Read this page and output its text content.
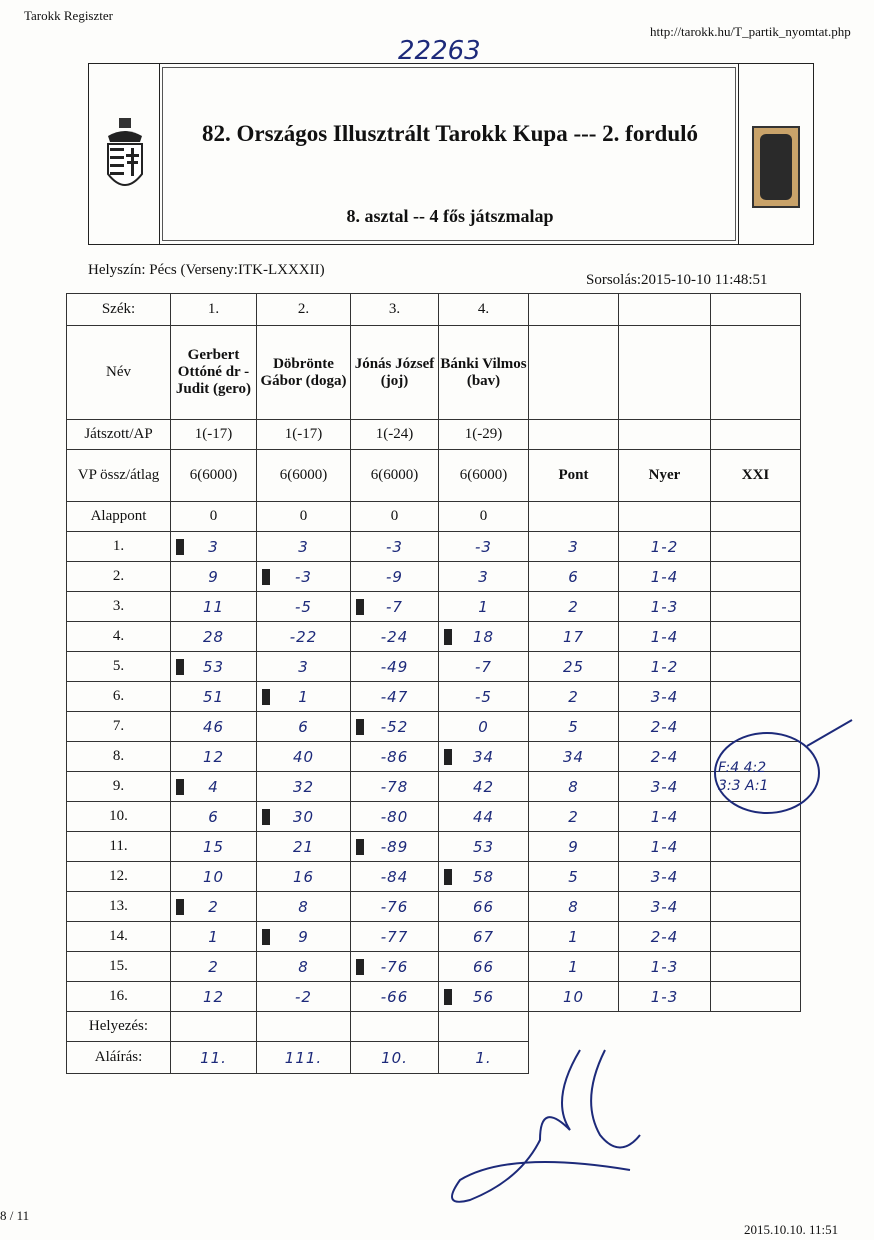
Tarokk Regiszter
http://tarokk.hu/T_partik_nyomtat.php
22263
82. Országos Illusztrált Tarokk Kupa --- 2. forduló
8. asztal -- 4 fős játszmalap
Helyszín: Pécs (Verseny:ITK-LXXXII)
Sorsolás:2015-10-10 11:48:51
Szék:	1.	2.	3.	4.			
Név	Gerbert Ottóné dr - Judit (gero)	Döbrönte Gábor (doga)	Jónás József (joj)	Bánki Vilmos (bav)			
Játszott/AP	1(-17)	1(-17)	1(-24)	1(-29)			
VP össz/átlag	6(6000)	6(6000)	6(6000)	6(6000)	Pont	Nyer	XXI
Alappont	0	0	0	0			
1.	3	3	-3	-3	3	1-2	
2.	9	-3	-9	3	6	1-4	
3.	11	-5	-7	1	2	1-3	
4.	28	-22	-24	18	17	1-4	
5.	53	3	-49	-7	25	1-2	
6.	51	1	-47	-5	2	3-4	
7.	46	6	-52	0	5	2-4	
8.	12	40	-86	34	34	2-4	
9.	4	32	-78	42	8	3-4	
10.	6	30	-80	44	2	1-4	
11.	15	21	-89	53	9	1-4	
12.	10	16	-84	58	5	3-4	
13.	2	8	-76	66	8	3-4	
14.	1	9	-77	67	1	2-4	
15.	2	8	-76	66	1	1-3	
16.	12	-2	-66	56	10	1-3	
Helyezés:							
Aláírás:	11.	111.	10.	1.			
F:4 4:2
3:3 A:1
8 / 11
2015.10.10. 11:51
